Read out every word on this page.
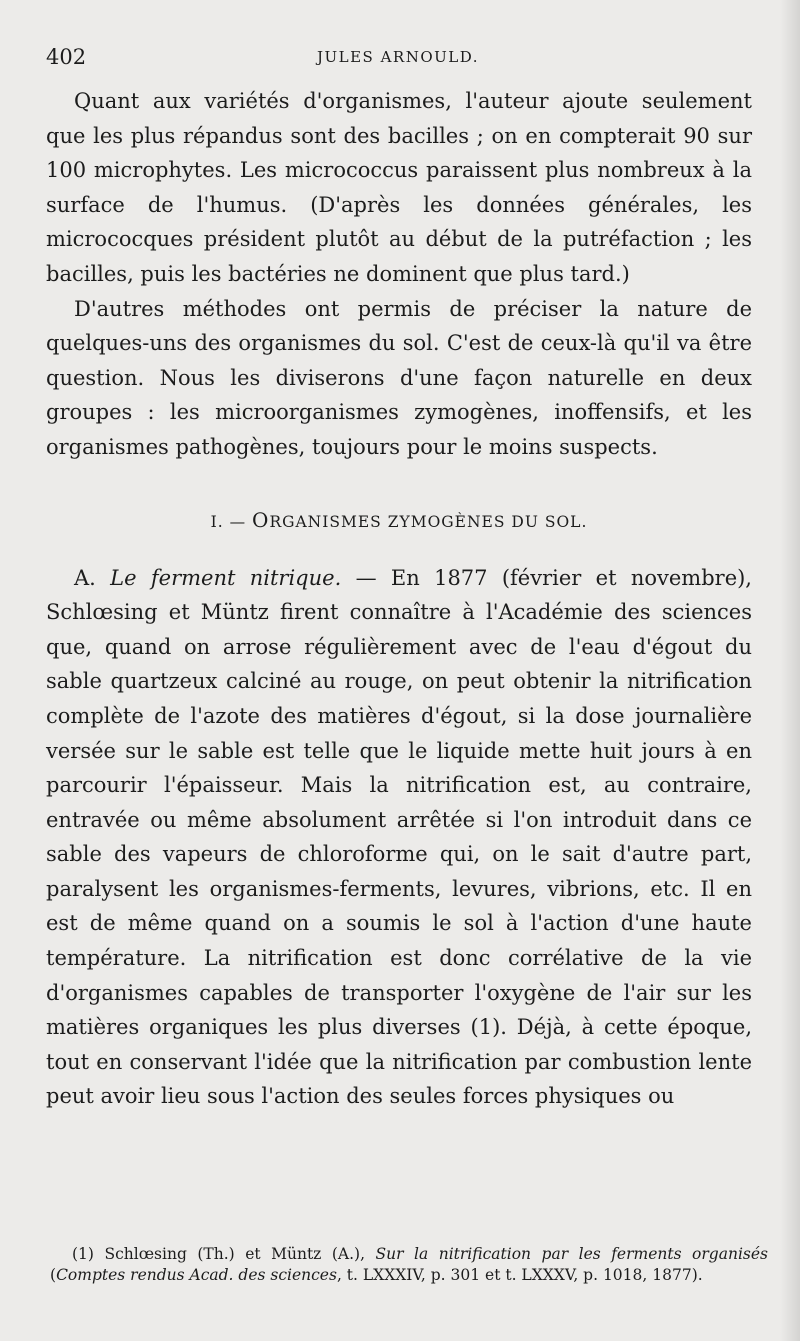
402	JULES ARNOULD.

Quant aux variétés d'organismes, l'auteur ajoute seulement que les plus répandus sont des bacilles ; on en compterait 90 sur 100 microphytes. Les micrococcus paraissent plus nombreux à la surface de l'humus. (D'après les données générales, les micrococques président plutôt au début de la putréfaction ; les bacilles, puis les bactéries ne dominent que plus tard.)

D'autres méthodes ont permis de préciser la nature de quelques-uns des organismes du sol. C'est de ceux-là qu'il va être question. Nous les diviserons d'une façon naturelle en deux groupes : les microorganismes zymogènes, inoffensifs, et les organismes pathogènes, toujours pour le moins suspects.

I. — ORGANISMES ZYMOGÈNES DU SOL.

A. Le ferment nitrique. — En 1877 (février et novembre), Schlœsing et Müntz firent connaître à l'Académie des sciences que, quand on arrose régulièrement avec de l'eau d'égout du sable quartzeux calciné au rouge, on peut obtenir la nitrification complète de l'azote des matières d'égout, si la dose journalière versée sur le sable est telle que le liquide mette huit jours à en parcourir l'épaisseur. Mais la nitrification est, au contraire, entravée ou même absolument arrêtée si l'on introduit dans ce sable des vapeurs de chloroforme qui, on le sait d'autre part, paralysent les organismes-ferments, levures, vibrions, etc. Il en est de même quand on a soumis le sol à l'action d'une haute température. La nitrification est donc corrélative de la vie d'organismes capables de transporter l'oxygène de l'air sur les matières organiques les plus diverses (1). Déjà, à cette époque, tout en conservant l'idée que la nitrification par combustion lente peut avoir lieu sous l'action des seules forces physiques ou

(1) Schlœsing (Th.) et Müntz (A.), Sur la nitrification par les ferments organisés (Comptes rendus Acad. des sciences, t. LXXXIV, p. 301 et t. LXXXV, p. 1018, 1877).
